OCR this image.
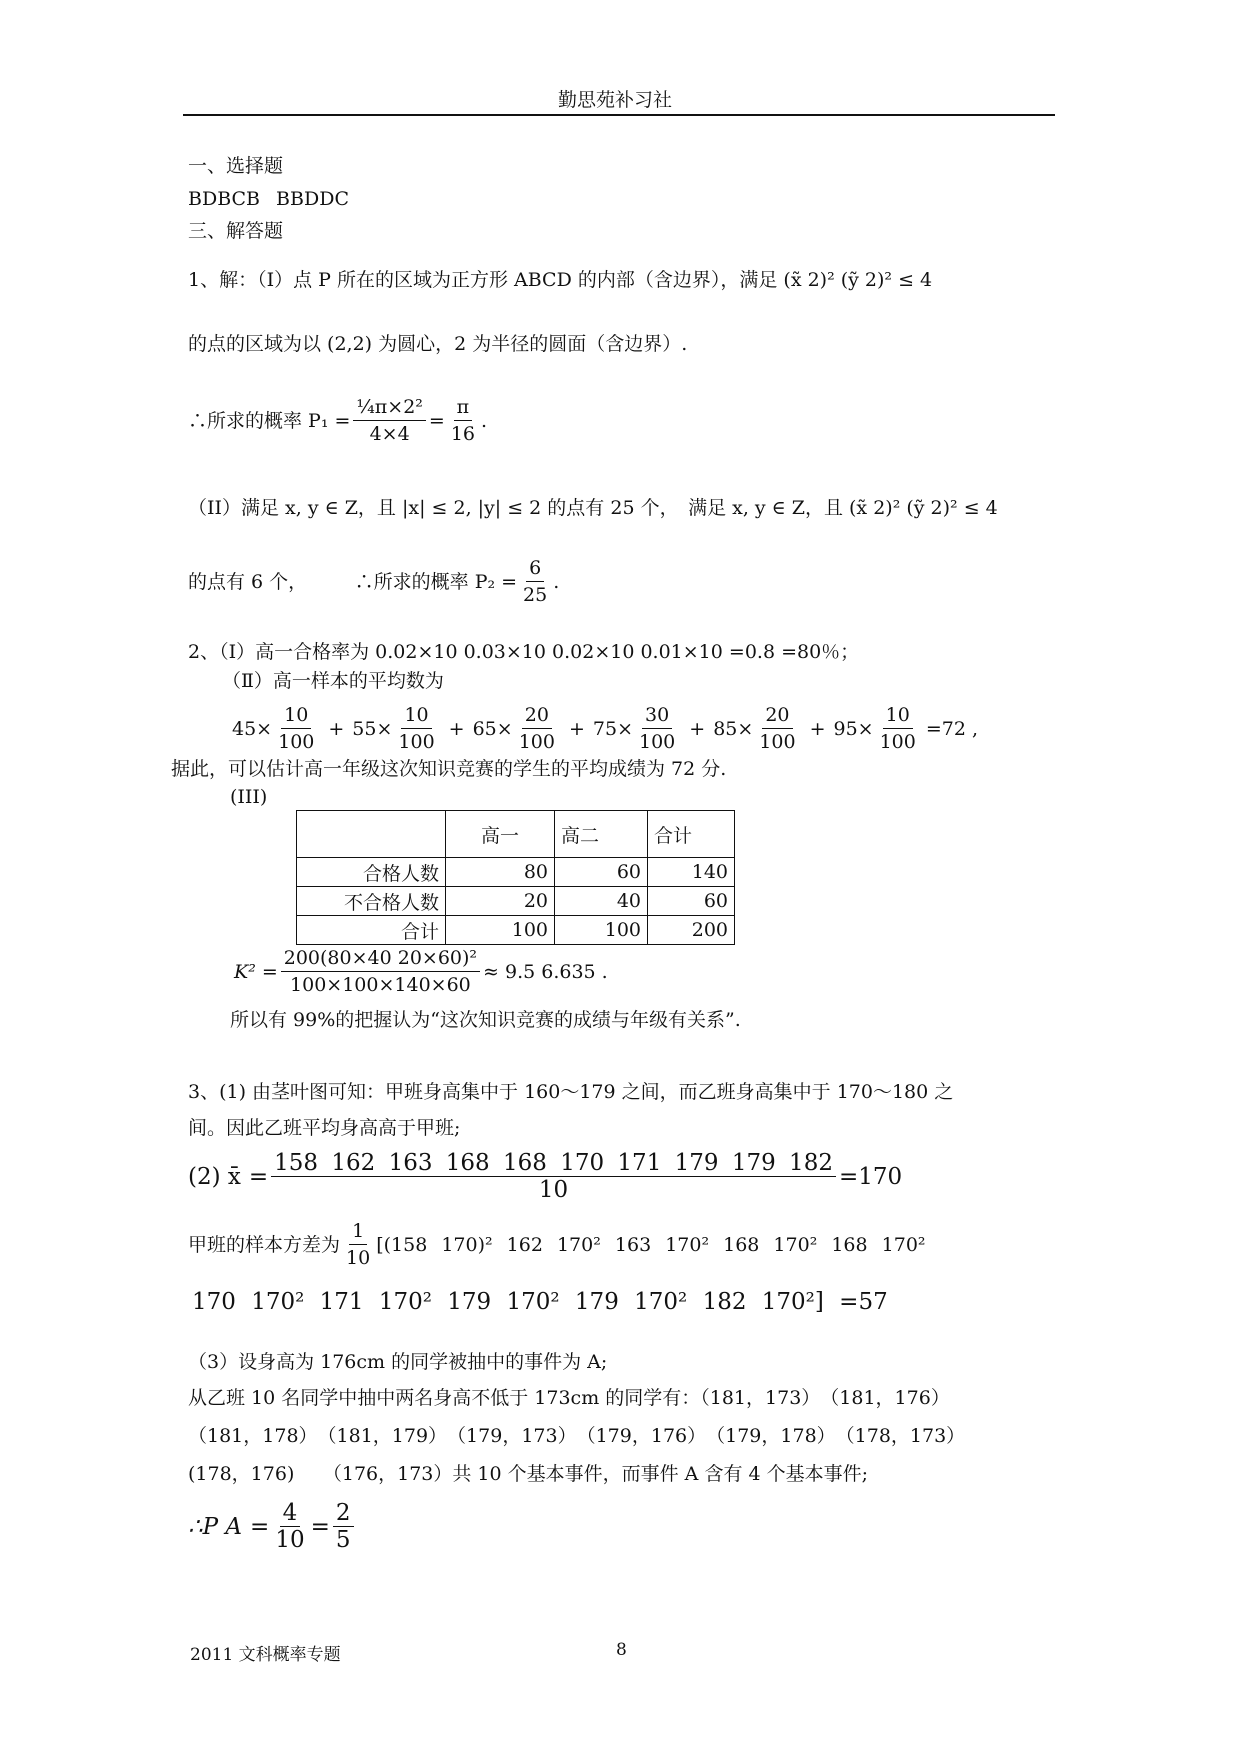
勤思苑补习社
一、选择题
BDBCB BBDDC
三、解答题
1、解：（Ⅰ）点 P 所在的区域为正方形 ABCD 的内部（含边界），满足 (x̃ 2)² (ỹ 2)² ≤ 4
的点的区域为以 (2,2) 为圆心，2 为半径的圆面（含边界）.
∴所求的概率 $P_1 = \frac{\text{¼π×2²}}{4\times 4} = \frac{\pi}{16}$ .
（II）满足 x, y ∈ Z，且 |x| ≤ 2, |y| ≤ 2 的点有 25 个，　满足 x, y ∈ Z，且 (x̃ 2)² (ỹ 2)² ≤ 4
的点有 6 个，　　　∴所求的概率 $P_2 = \frac{6}{25}$ .
2、（Ⅰ）高一合格率为 0.02×10 0.03×10 0.02×10 0.01×10 =0.8 =80％；
（Ⅱ）高一样本的平均数为
$45\times \frac{10}{100} + 55\times \frac{10}{100} + 65\times \frac{20}{100} + 75\times \frac{30}{100} + 85\times \frac{20}{100} + 95\times \frac{10}{100} = 72$ ,
据此，可以估计高一年级这次知识竞赛的学生的平均成绩为 72 分.
(III)
	高一	高二	合计
合格人数	80	60	140
不合格人数	20	40	60
合计	100	100	200
$K^2 = \frac{\text{200(80×40 20×60)²}}{100\times 100\times 140\times 60} \approx 9.5$ 6.635 .
所以有 99%的把握认为“这次知识竞赛的成绩与年级有关系”.
3、(1) 由茎叶图可知：甲班身高集中于 160～179 之间，而乙班身高集中于 170～180 之
间。因此乙班平均身高高于甲班;
(2) x̄ = $\frac{158 162 163 168 168 170 171 179 179 182}{10} = 170$
甲班的样本方差为 $\frac{1}{10} [(158$ 170)² 162 170² 163 170² 168 170² 168 170²
170 170² 171 170² 179 170² 179 170² 182 170²] =57
（3）设身高为 176cm 的同学被抽中的事件为 A;
从乙班 10 名同学中抽中两名身高不低于 173cm 的同学有：（181，173）　（181，176）
（181，178）　（181，179）　（179，173）　（179，176）　（179，178）　（178，173）
(178，176)　　（176，173）共 10 个基本事件，而事件 A 含有 4 个基本事件;
∴P $A = \frac{4}{10} = \frac{2}{5}$
2011 文科概率专题	8
